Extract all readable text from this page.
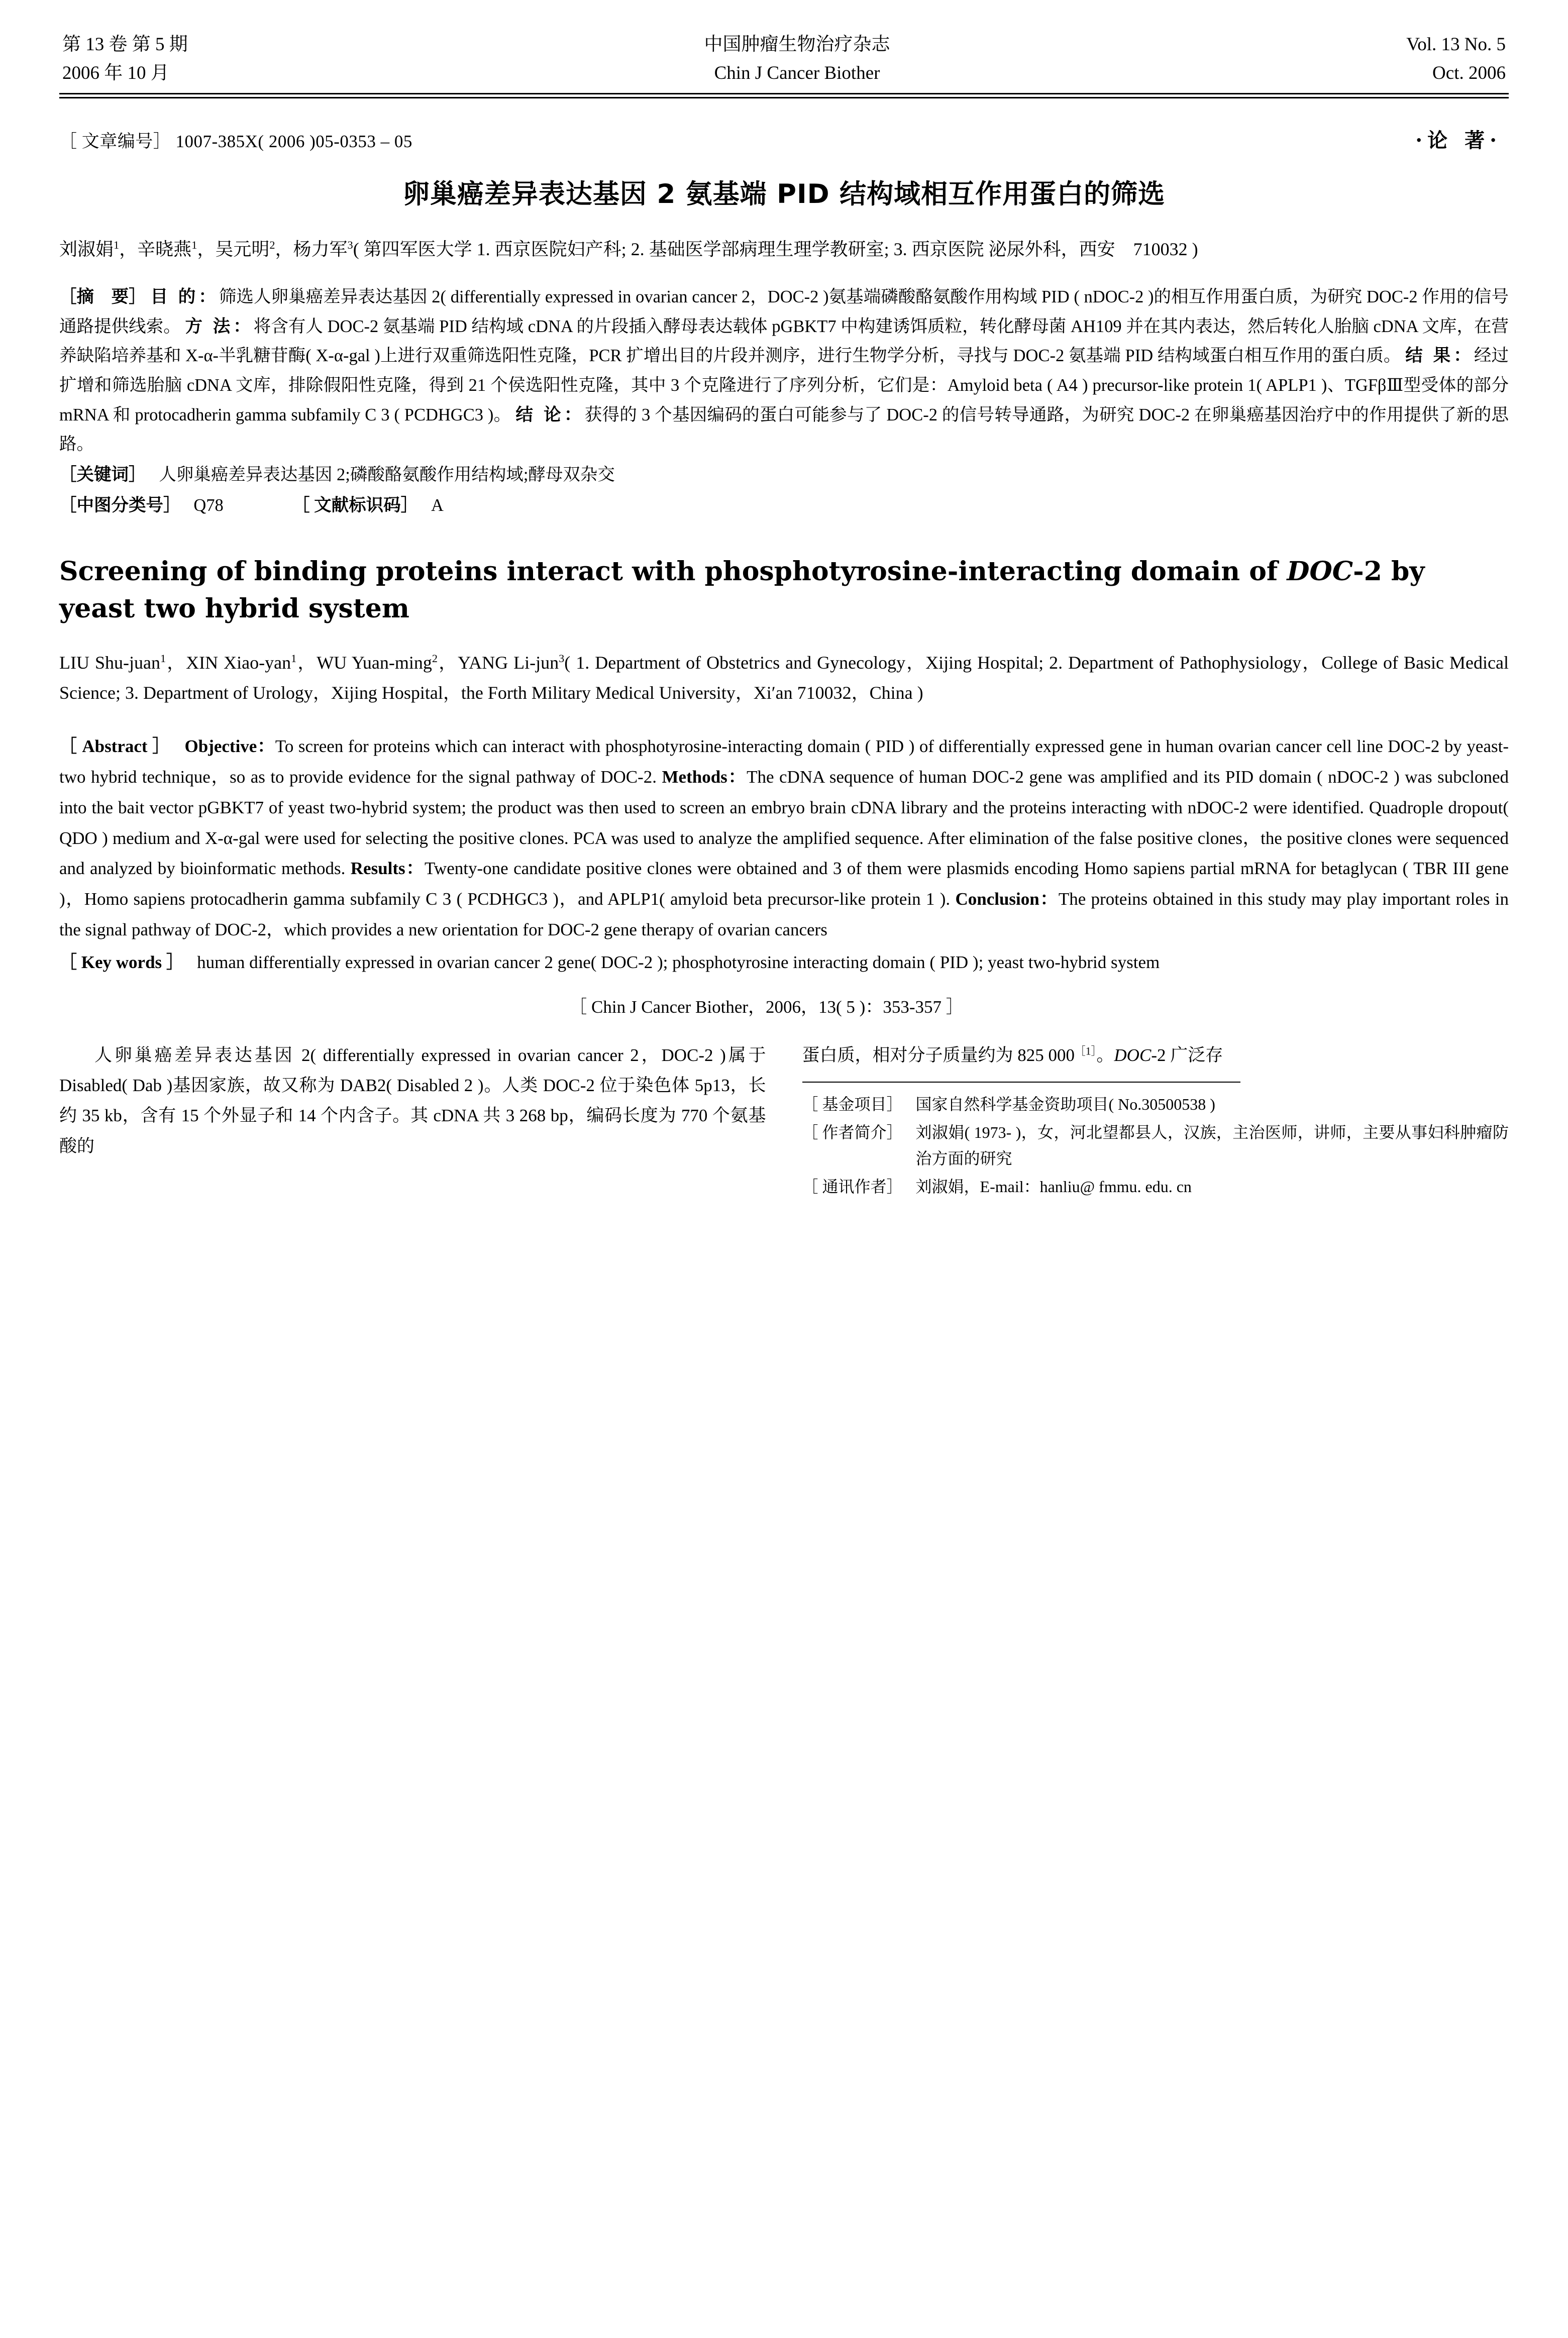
第 13 卷 第 5 期
2006 年 10 月
中国肿瘤生物治疗杂志
Chin J Cancer Biother
Vol. 13 No. 5
Oct. 2006
［ 文章编号］ 1007-385X( 2006 )05-0353 – 05	·论 著·
卵巢癌差异表达基因 2 氨基端 PID 结构域相互作用蛋白的筛选
刘淑娟$^1$，辛晓燕$^1$，吴元明$^2$，杨力军$^3$( 第四军医大学 1. 西京医院妇产科; 2. 基础医学部病理生理学教研室; 3. 西京医院 泌尿外科，西安　710032 )
［摘　要］ 目 的：筛选人卵巢癌差异表达基因 2( differentially expressed in ovarian cancer 2，DOC-2 )氨基端磷酸酪氨酸作用构域 PID ( nDOC-2 )的相互作用蛋白质，为研究 DOC-2 作用的信号通路提供线索。 方 法：将含有人 DOC-2 氨基端 PID 结构域 cDNA 的片段插入酵母表达载体 pGBKT7 中构建诱饵质粒，转化酵母菌 AH109 并在其内表达，然后转化人胎脑 cDNA 文库，在营养缺陷培养基和 X-α-半乳糖苷酶( X-α-gal )上进行双重筛选阳性克隆，PCR 扩增出目的片段并测序，进行生物学分析，寻找与 DOC-2 氨基端 PID 结构域蛋白相互作用的蛋白质。 结 果：经过扩增和筛选胎脑 cDNA 文库，排除假阳性克隆，得到 21 个侯选阳性克隆，其中 3 个克隆进行了序列分析，它们是：Amyloid beta ( A4 ) precursor-like protein 1( APLP1 )、TGFβⅢ型受体的部分 mRNA 和 protocadherin gamma subfamily C 3 ( PCDHGC3 )。 结 论：获得的 3 个基因编码的蛋白可能参与了 DOC-2 的信号转导通路，为研究 DOC-2 在卵巢癌基因治疗中的作用提供了新的思路。
［关键词］ 人卵巢癌差异表达基因 2;磷酸酪氨酸作用结构域;酵母双杂交
［中图分类号］ Q78	［ 文献标识码］ A
Screening of binding proteins interact with phosphotyrosine-interacting domain of DOC-2 by yeast two hybrid system
LIU Shu-juan$^1$，XIN Xiao-yan$^1$，WU Yuan-ming$^2$，YANG Li-jun$^3$( 1. Department of Obstetrics and Gynecology，Xijing Hospital; 2. Department of Pathophysiology，College of Basic Medical Science; 3. Department of Urology，Xijing Hospital，the Forth Military Medical University，Xi′an 710032，China )
［ Abstract ］ Objective：To screen for proteins which can interact with phosphotyrosine-interacting domain ( PID ) of differentially expressed gene in human ovarian cancer cell line DOC-2 by yeast-two hybrid technique，so as to provide evidence for the signal pathway of DOC-2. Methods：The cDNA sequence of human DOC-2 gene was amplified and its PID domain ( nDOC-2 ) was subcloned into the bait vector pGBKT7 of yeast two-hybrid system; the product was then used to screen an embryo brain cDNA library and the proteins interacting with nDOC-2 were identified. Quadrople dropout( QDO ) medium and X-α-gal were used for selecting the positive clones. PCA was used to analyze the amplified sequence. After elimination of the false positive clones，the positive clones were sequenced and analyzed by bioinformatic methods. Results：Twenty-one candidate positive clones were obtained and 3 of them were plasmids encoding Homo sapiens partial mRNA for betaglycan ( TBR III gene )，Homo sapiens protocadherin gamma subfamily C 3 ( PCDHGC3 )，and APLP1( amyloid beta precursor-like protein 1 ). Conclusion：The proteins obtained in this study may play important roles in the signal pathway of DOC-2，which provides a new orientation for DOC-2 gene therapy of ovarian cancers
［ Key words ］ human differentially expressed in ovarian cancer 2 gene( DOC-2 ); phosphotyrosine interacting domain ( PID ); yeast two-hybrid system
［ Chin J Cancer Biother，2006，13( 5 )：353-357 ］

人卵巢癌差异表达基因 2( differentially expressed in ovarian cancer 2，DOC-2 )属于 Disabled( Dab )基因家族，故又称为 DAB2( Disabled 2 )。人类 DOC-2 位于染色体 5p13，长约 35 kb，含有 15 个外显子和 14 个内含子。其 cDNA 共 3 268 bp，编码长度为 770 个氨基酸的

蛋白质，相对分子质量约为 825 $000^{[1]}$。DOC-2 广泛存

［ 基金项目］ 国家自然科学基金资助项目( No.30500538 )
［ 作者简介］ 刘淑娟( 1973- )，女，河北望都县人，汉族，主治医师，讲师，主要从事妇科肿瘤防治方面的研究
［ 通讯作者］ 刘淑娟，E-mail：hanliu@ fmmu. edu. cn
